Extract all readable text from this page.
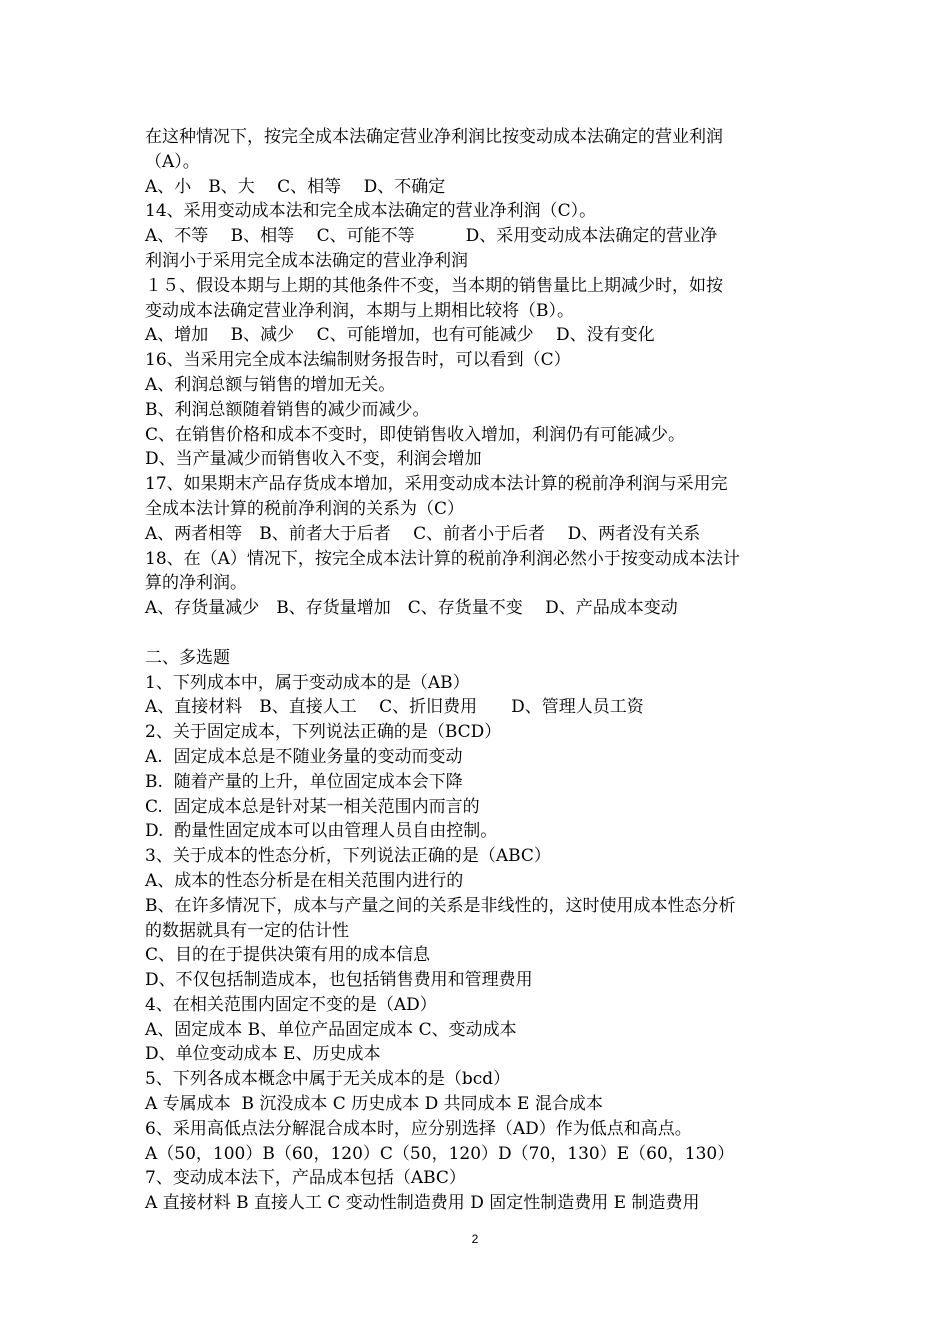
在这种情况下，按完全成本法确定营业净利润比按变动成本法确定的营业利润
（A）。
A、小　B、大　 C、相等　 D、不确定
14、采用变动成本法和完全成本法确定的营业净利润（C）。
A、不等　 B、相等　 C、可能不等　　　D、采用变动成本法确定的营业净
利润小于采用完全成本法确定的营业净利润
１５、假设本期与上期的其他条件不变，当本期的销售量比上期减少时，如按
变动成本法确定营业净利润，本期与上期相比较将（B）。
A、增加　 B、减少　 C、可能增加，也有可能减少　 D、没有变化
16、当采用完全成本法编制财务报告时，可以看到（C）
A、利润总额与销售的增加无关。
B、利润总额随着销售的减少而减少。
C、在销售价格和成本不变时，即使销售收入增加，利润仍有可能减少。
D、当产量减少而销售收入不变，利润会增加
17、如果期末产品存货成本增加，采用变动成本法计算的税前净利润与采用完
全成本法计算的税前净利润的关系为（C）
A、两者相等　B、前者大于后者　 C、前者小于后者　 D、两者没有关系
18、在（A）情况下，按完全成本法计算的税前净利润必然小于按变动成本法计
算的净利润。
A、存货量减少　B、存货量增加　C、存货量不变　 D、产品成本变动
二、多选题
1、下列成本中，属于变动成本的是（AB）
A、直接材料　B、直接人工　 C、折旧费用　　D、管理人员工资
2、关于固定成本，下列说法正确的是（BCD）
A.  固定成本总是不随业务量的变动而变动
B.  随着产量的上升，单位固定成本会下降
C.  固定成本总是针对某一相关范围内而言的
D.  酌量性固定成本可以由管理人员自由控制。
3、关于成本的性态分析，下列说法正确的是（ABC）
A、成本的性态分析是在相关范围内进行的
B、在许多情况下，成本与产量之间的关系是非线性的，这时使用成本性态分析
的数据就具有一定的估计性
C、目的在于提供决策有用的成本信息
D、不仅包括制造成本，也包括销售费用和管理费用
4、在相关范围内固定不变的是（AD）
A、固定成本 B、单位产品固定成本 C、变动成本
D、单位变动成本 E、历史成本
5、下列各成本概念中属于无关成本的是（bcd）
A 专属成本  B 沉没成本 C 历史成本 D 共同成本 E 混合成本
6、采用高低点法分解混合成本时，应分别选择（AD）作为低点和高点。
A（50，100）B（60，120）C（50，120）D（70，130）E（60，130）
7、变动成本法下，产品成本包括（ABC）
A 直接材料 B 直接人工 C 变动性制造费用 D 固定性制造费用 E 制造费用
2
